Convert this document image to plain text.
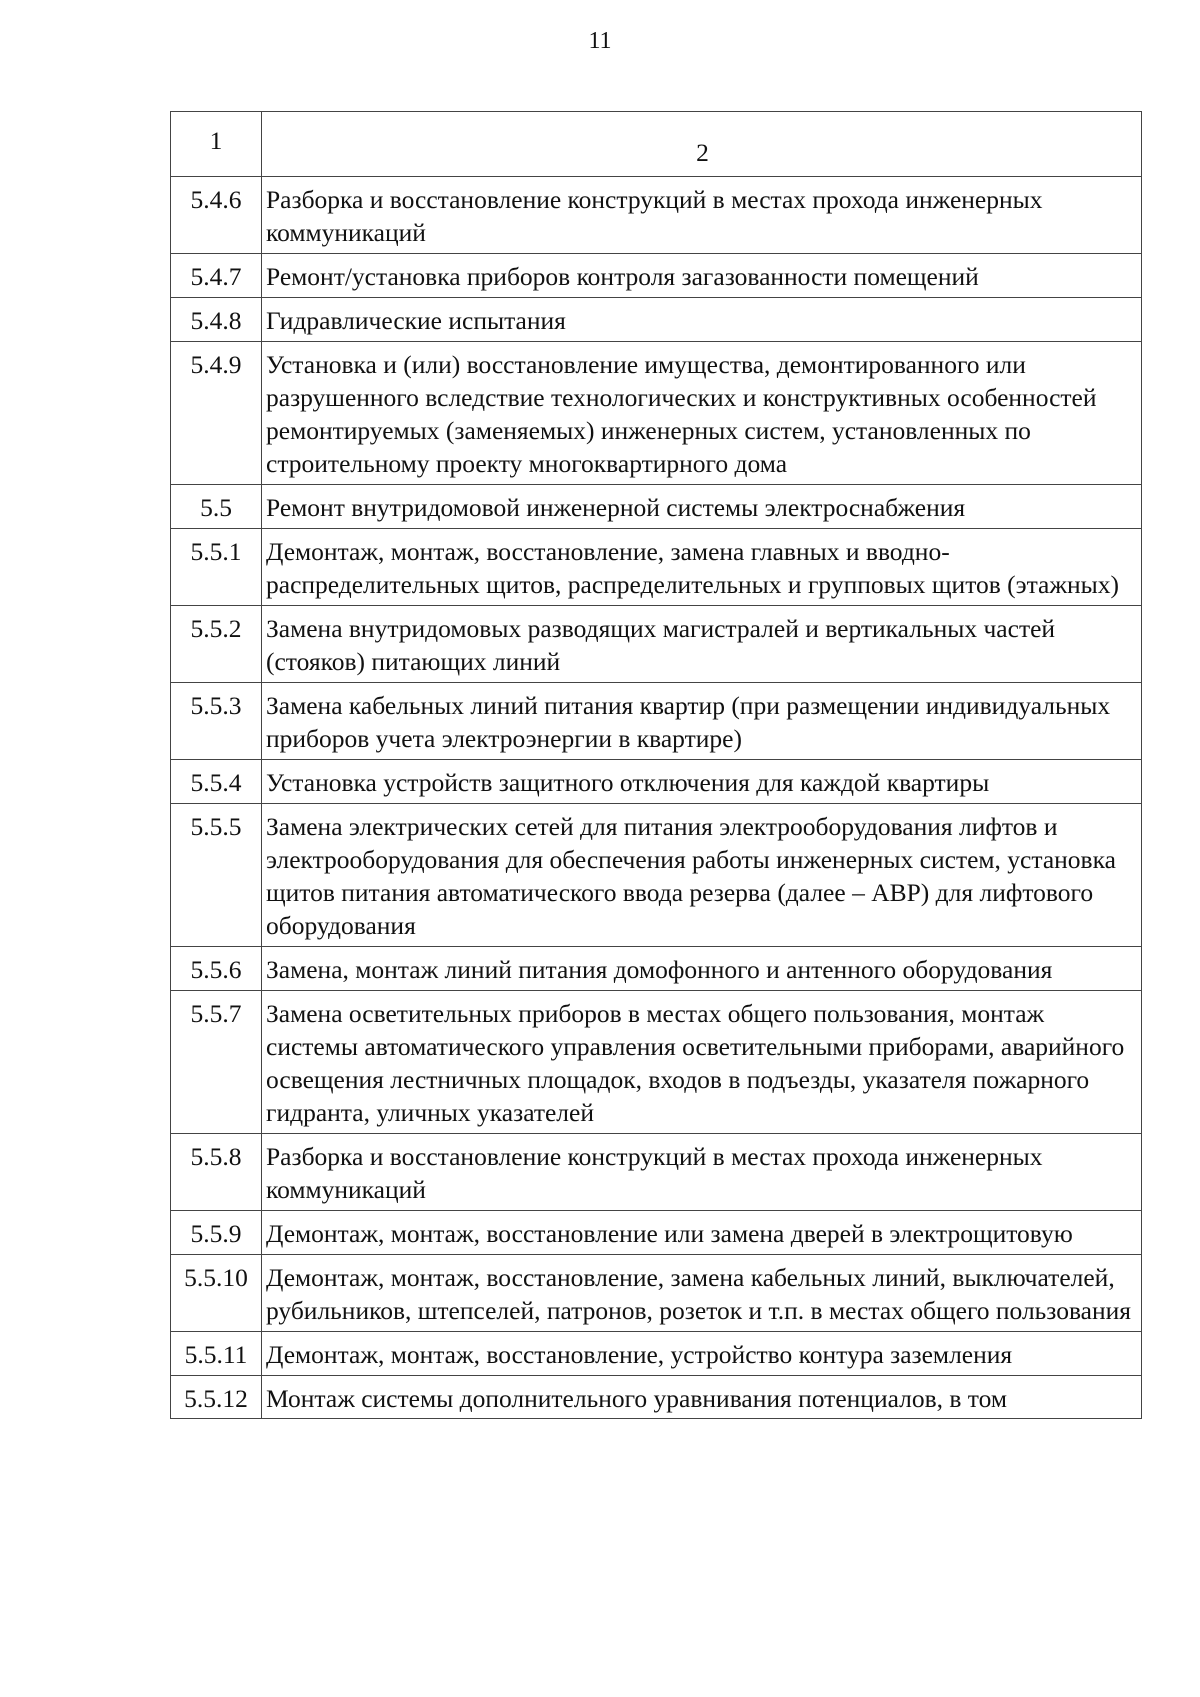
11
1	2

5.4.6	Разборка и восстановление конструкций в местах прохода инженерных коммуникаций
5.4.7	Ремонт/установка приборов контроля загазованности помещений
5.4.8	Гидравлические испытания
5.4.9	Установка и (или) восстановление имущества, демонтированного или разрушенного вследствие технологических и конструктивных особенностей ремонтируемых (заменяемых) инженерных систем, установленных по строительному проекту многоквартирного дома
5.5	Ремонт внутридомовой инженерной системы электроснабжения
5.5.1	Демонтаж, монтаж, восстановление, замена главных и вводно-распределительных щитов, распределительных и групповых щитов (этажных)
5.5.2	Замена внутридомовых разводящих магистралей и вертикальных частей (стояков) питающих линий
5.5.3	Замена кабельных линий питания квартир (при размещении индивидуальных приборов учета электроэнергии в квартире)
5.5.4	Установка устройств защитного отключения для каждой квартиры
5.5.5	Замена электрических сетей для питания электрооборудования лифтов и электрооборудования для обеспечения работы инженерных систем, установка щитов питания автоматического ввода резерва (далее – АВР) для лифтового оборудования
5.5.6	Замена, монтаж линий питания домофонного и антенного оборудования
5.5.7	Замена осветительных приборов в местах общего пользования, монтаж системы автоматического управления осветительными приборами, аварийного освещения лестничных площадок, входов в подъезды, указателя пожарного гидранта, уличных указателей
5.5.8	Разборка и восстановление конструкций в местах прохода инженерных коммуникаций
5.5.9	Демонтаж, монтаж, восстановление или замена дверей в электрощитовую
5.5.10	Демонтаж, монтаж, восстановление, замена кабельных линий, выключателей, рубильников, штепселей, патронов, розеток и т.п. в местах общего пользования
5.5.11	Демонтаж, монтаж, восстановление, устройство контура заземления
5.5.12	Монтаж системы дополнительного уравнивания потенциалов, в том
